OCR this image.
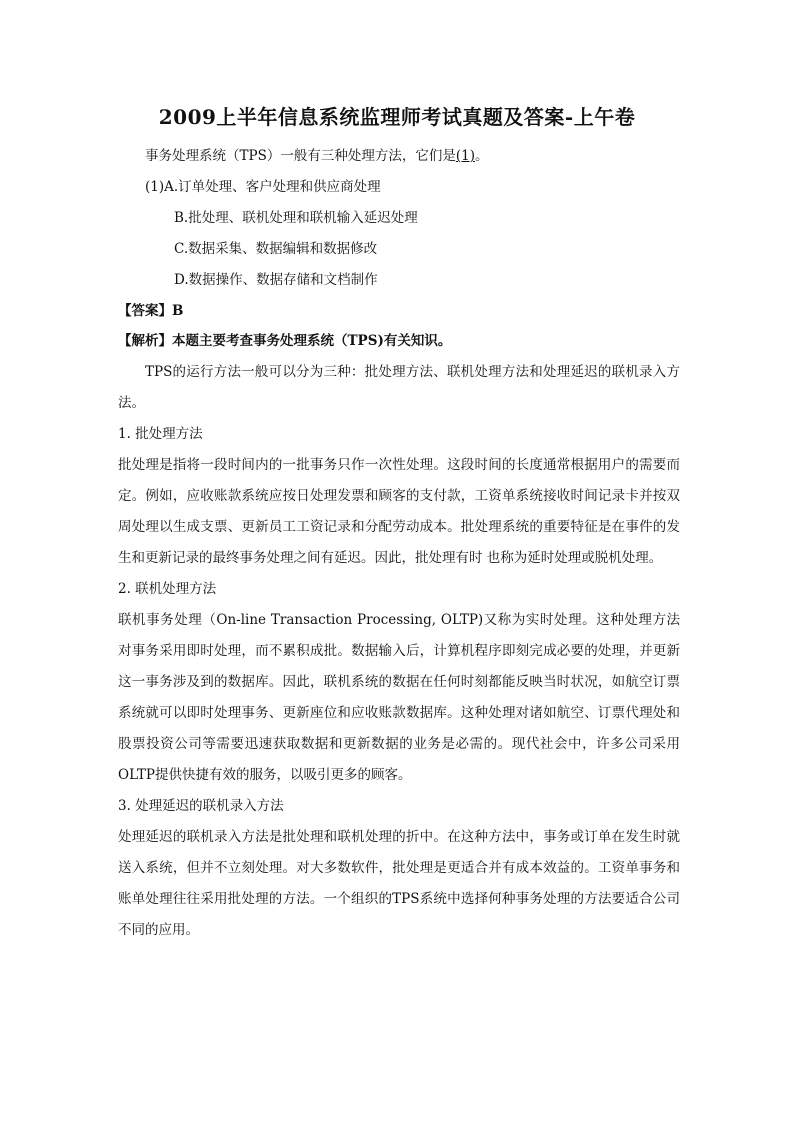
2009上半年信息系统监理师考试真题及答案-上午卷
事务处理系统（TPS）一般有三种处理方法，它们是(1)。
(1)A.订单处理、客户处理和供应商处理
B.批处理、联机处理和联机输入延迟处理
C.数据采集、数据编辑和数据修改
D.数据操作、数据存储和文档制作
【答案】B
【解析】本题主要考查事务处理系统（TPS)有关知识。

TPS的运行方法一般可以分为三种：批处理方法、联机处理方法和处理延迟的联机录入方法。

1. 批处理方法

批处理是指将一段时间内的一批事务只作一次性处理。这段时间的长度通常根据用户的需要而定。例如，应收账款系统应按日处理发票和顾客的支付款，工资单系统接收时间记录卡并按双周处理以生成支票、更新员工工资记录和分配劳动成本。批处理系统的重要特征是在事件的发生和更新记录的最终事务处理之间有延迟。因此，批处理有时 也称为延时处理或脱机处理。

2. 联机处理方法

联机事务处理（On-line Transaction Processing, OLTP)又称为实时处理。这种处理方法对事务采用即时处理，而不累积成批。数据输入后，计算机程序即刻完成必要的处理，并更新这一事务涉及到的数据库。因此，联机系统的数据在任何时刻都能反映当时状况，如航空订票系统就可以即时处理事务、更新座位和应收账款数据库。这种处理对诸如航空、订票代理处和股票投资公司等需要迅速获取数据和更新数据的业务是必需的。现代社会中，许多公司采用OLTP提供快捷有效的服务，以吸引更多的顾客。

3. 处理延迟的联机录入方法

处理延迟的联机录入方法是批处理和联机处理的折中。在这种方法中，事务或订单在发生时就送入系统，但并不立刻处理。对大多数软件，批处理是更适合并有成本效益的。工资单事务和账单处理往往采用批处理的方法。一个组织的TPS系统中选择何种事务处理的方法要适合公司不同的应用。
